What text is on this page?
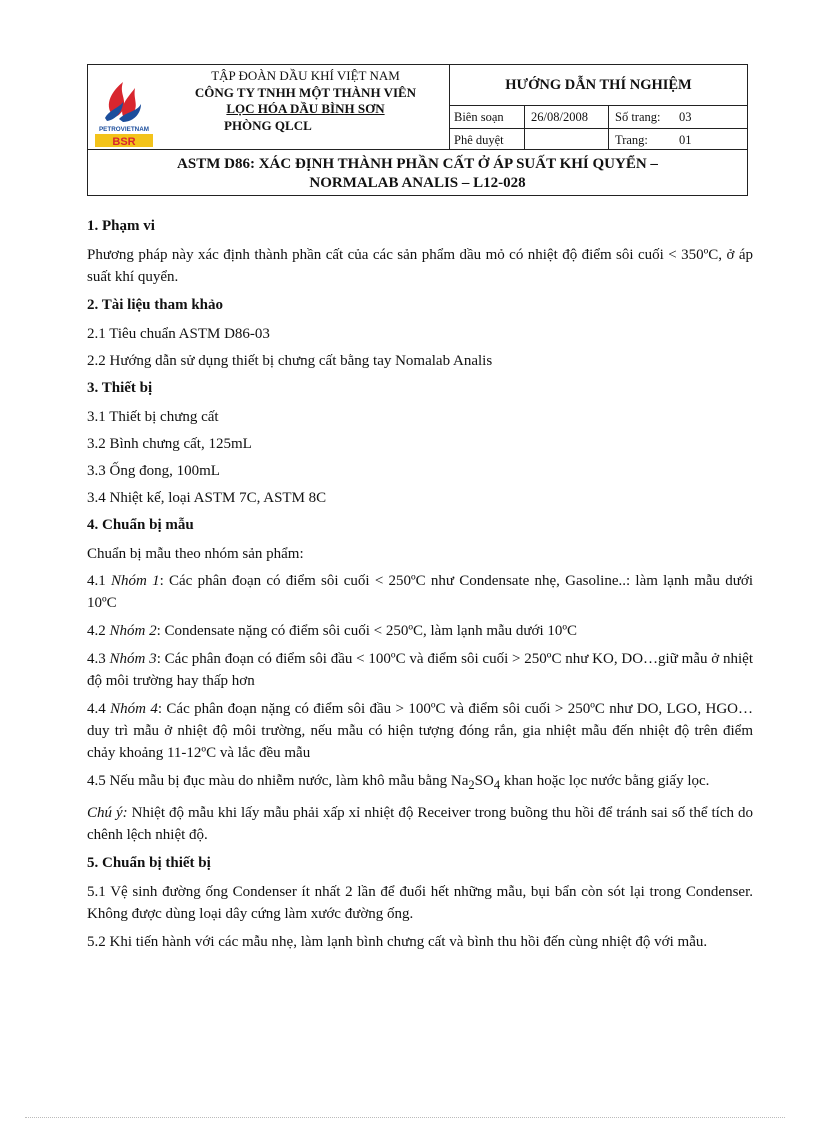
PETROVIETNAM
BSR
TẬP ĐOÀN DẦU KHÍ VIỆT NAM
CÔNG TY TNHH MỘT THÀNH VIÊN
LỌC HÓA DẦU BÌNH SƠN
PHÒNG QLCL
HƯỚNG DẪN THÍ NGHIỆM
Biên soạn 26/08/2008 Số trang: 03
Phê duyệt	Trang: 01
ASTM D86: XÁC ĐỊNH THÀNH PHẦN CẤT Ở ÁP SUẤT KHÍ QUYỂN –
NORMALAB ANALIS – L12-028

1. Phạm vi

Phương pháp này xác định thành phần cất của các sản phẩm dầu mỏ có nhiệt độ điểm sôi cuối < 350ºC, ở áp suất khí quyển.

2. Tài liệu tham khảo

2.1 Tiêu chuẩn ASTM D86-03

2.2 Hướng dẫn sử dụng thiết bị chưng cất bằng tay Nomalab Analis

3. Thiết bị

3.1 Thiết bị chưng cất

3.2 Bình chưng cất, 125mL

3.3 Ống đong, 100mL

3.4 Nhiệt kế, loại ASTM 7C, ASTM 8C

4. Chuẩn bị mẫu

Chuẩn bị mẫu theo nhóm sản phẩm:

4.1 Nhóm 1: Các phân đoạn có điểm sôi cuối < 250ºC như Condensate nhẹ, Gasoline..: làm lạnh mẫu dưới 10ºC

4.2 Nhóm 2: Condensate nặng có điểm sôi cuối < 250ºC, làm lạnh mẫu dưới 10ºC

4.3 Nhóm 3: Các phân đoạn có điểm sôi đầu < 100ºC và điểm sôi cuối > 250ºC như KO, DO…giữ mẫu ở nhiệt độ môi trường hay thấp hơn

4.4 Nhóm 4: Các phân đoạn nặng có điểm sôi đầu > 100ºC và điểm sôi cuối > 250ºC như DO, LGO, HGO…duy trì mẫu ở nhiệt độ môi trường, nếu mẫu có hiện tượng đóng rắn, gia nhiệt mẫu đến nhiệt độ trên điểm chảy khoảng 11-12ºC và lắc đều mẫu

4.5 Nếu mẫu bị đục màu do nhiễm nước, làm khô mẫu bằng $Na_2SO_4$ khan hoặc lọc nước bằng giấy lọc.

Chú ý: Nhiệt độ mẫu khi lấy mẫu phải xấp xỉ nhiệt độ Receiver trong buồng thu hồi để tránh sai số thể tích do chênh lệch nhiệt độ.

5. Chuẩn bị thiết bị

5.1 Vệ sinh đường ống Condenser ít nhất 2 lần để đuổi hết những mẫu, bụi bẩn còn sót lại trong Condenser. Không được dùng loại dây cứng làm xước đường ống.

5.2 Khi tiến hành với các mẫu nhẹ, làm lạnh bình chưng cất và bình thu hồi đến cùng nhiệt độ với mẫu.
